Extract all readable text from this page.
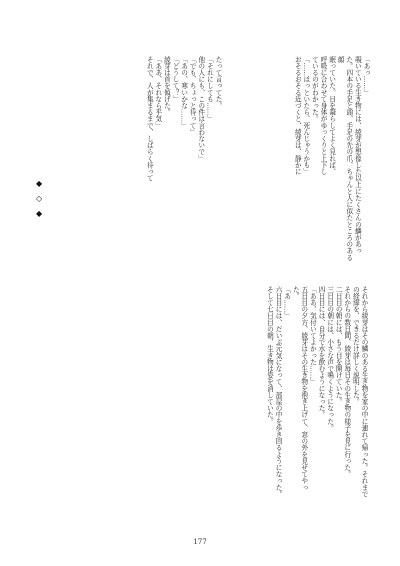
「あっ……」
覗いている生き物には、綾芽が想像した以上にたくさんの鱗があった。四本の手足と頭、手足の先の爪、ちゃんと人に似たところのある顔
眠っていた。目を凝らしてよく見れば、
呼吸に合わせて身体がゆっくりと上下し
ているのがわかった。
「……ほっといたら、死んじゃうかも」
おそるおそる近づくと、綾芽は、静かに
たって言ってた。
「それにしても……」
他の人にも、この件は言わないで」
「でも、ちょっと待って」
「あの、寒いかな……」
「どうして？」
綾芽は首を傾げた。
「ああ、それなら平気」
それで、人が集まるまで、しばらく待って
◆
◇
◆
それから綾芽はその鱗のある生き物を家の中に連れて帰った。それまでの経緯を、できるだけ詳しく説明した。
それからの数日間、綾芽は毎日その生き物の様子を見に行った。
二日目の朝には、もう目を開けていた。
三日目の朝には、小さな声で鳴くようになった。
四日目には、自分で水を飲むようになった。
「ああ、気付いてよかった……」
五日目の夕方、綾芽はその生き物を抱き上げて、窓の外を見せてやった。
「あ……」
六日目には、だいぶ元気になって、部屋の中を歩き回るようになった。
そして七日目の朝、生き物は姿を消していた。
177
